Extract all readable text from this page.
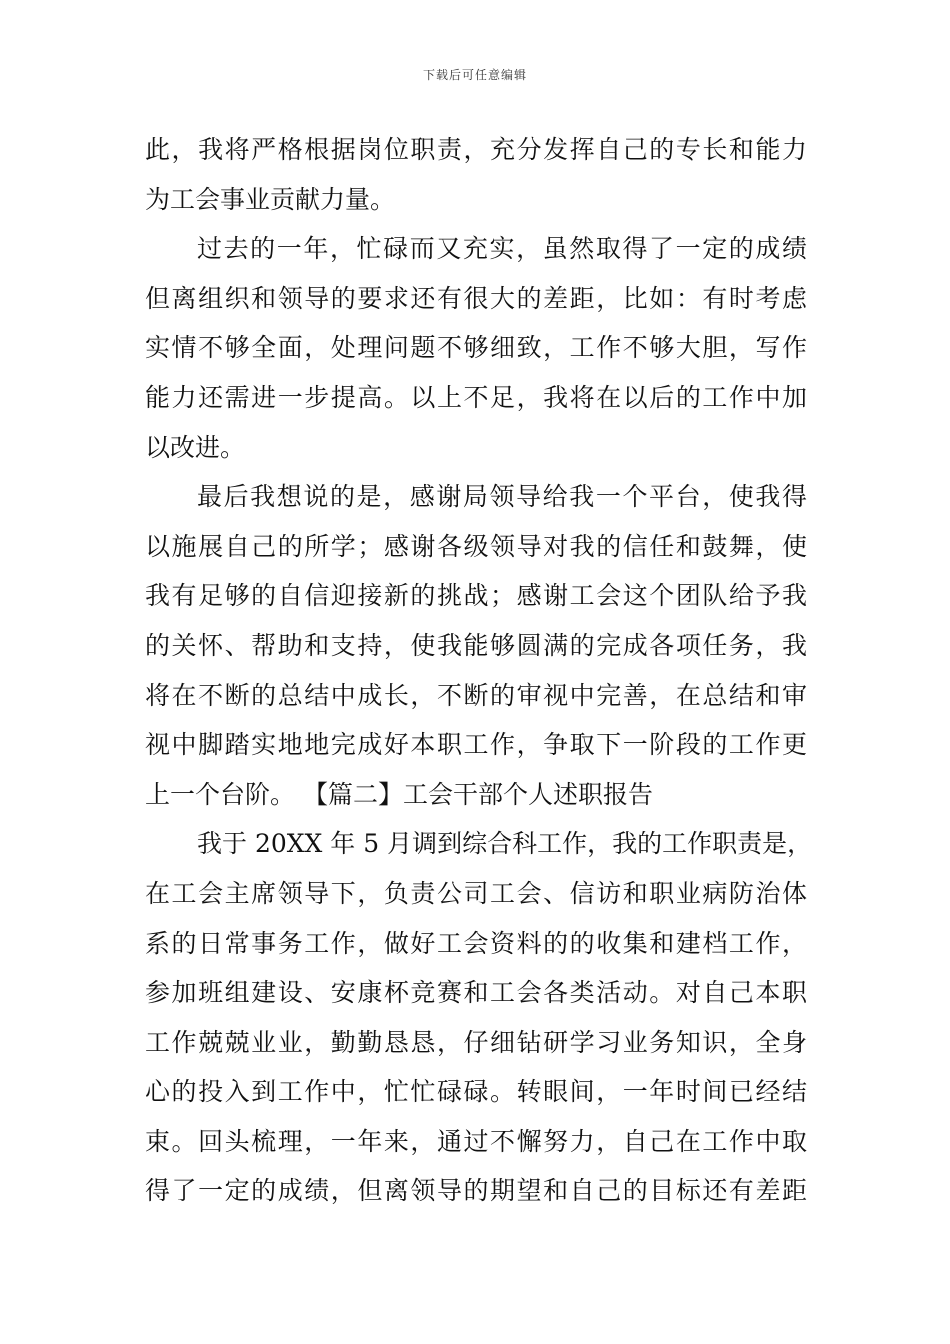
下载后可任意编辑
此，我将严格根据岗位职责，充分发挥自己的专长和能力
为工会事业贡献力量。
过去的一年，忙碌而又充实，虽然取得了一定的成绩
但离组织和领导的要求还有很大的差距，比如：有时考虑
实情不够全面，处理问题不够细致，工作不够大胆，写作
能力还需进一步提高。以上不足，我将在以后的工作中加
以改进。
最后我想说的是，感谢局领导给我一个平台，使我得
以施展自己的所学；感谢各级领导对我的信任和鼓舞，使
我有足够的自信迎接新的挑战；感谢工会这个团队给予我
的关怀、帮助和支持，使我能够圆满的完成各项任务，我
将在不断的总结中成长，不断的审视中完善，在总结和审
视中脚踏实地地完成好本职工作，争取下一阶段的工作更
上一个台阶。 【篇二】工会干部个人述职报告
我于 20XX 年 5 月调到综合科工作，我的工作职责是，
在工会主席领导下，负责公司工会、信访和职业病防治体
系的日常事务工作，做好工会资料的的收集和建档工作，
参加班组建设、安康杯竞赛和工会各类活动。对自己本职
工作兢兢业业，勤勤恳恳，仔细钻研学习业务知识，全身
心的投入到工作中，忙忙碌碌。转眼间，一年时间已经结
束。回头梳理，一年来，通过不懈努力，自己在工作中取
得了一定的成绩，但离领导的期望和自己的目标还有差距
